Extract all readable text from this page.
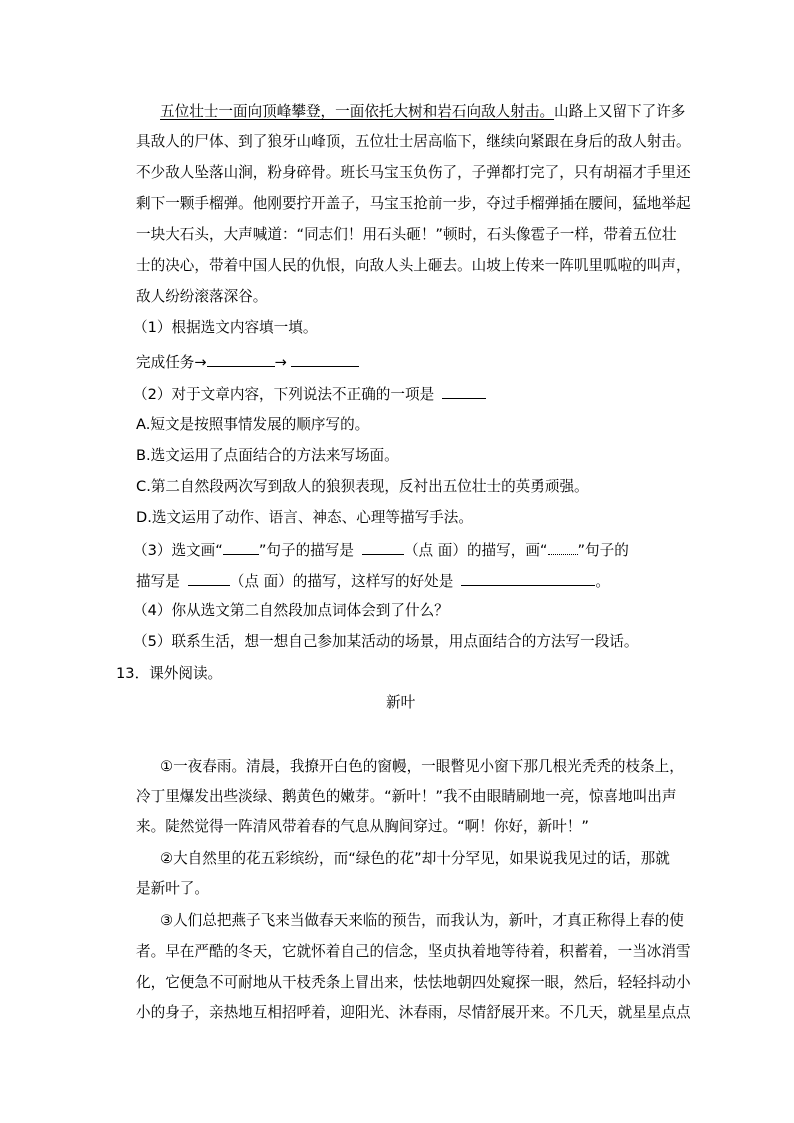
五位壮士一面向顶峰攀登，一面依托大树和岩石向敌人射击。山路上又留下了许多
具敌人的尸体、到了狼牙山峰顶，五位壮士居高临下，继续向紧跟在身后的敌人射击。
不少敌人坠落山涧，粉身碎骨。班长马宝玉负伤了，子弹都打完了，只有胡福才手里还
剩下一颗手榴弹。他刚要拧开盖子，马宝玉抢前一步，夺过手榴弹插在腰间，猛地举起
一块大石头，大声喊道：“同志们！用石头砸！”顿时，石头像雹子一样，带着五位壮
士的决心，带着中国人民的仇恨，向敌人头上砸去。山坡上传来一阵叽里呱啦的叫声，
敌人纷纷滚落深谷。
（1）根据选文内容填一填。
完成任务→	→
（2）对于文章内容，下列说法不正确的一项是
A.短文是按照事情发展的顺序写的。
B.选文运用了点面结合的方法来写场面。
C.第二自然段两次写到敌人的狼狈表现，反衬出五位壮士的英勇顽强。
D.选文运用了动作、语言、神态、心理等描写手法。
（3）选文画“ ”句子的描写是	（点 面）的描写，画“ ”句子的
描写是	（点 面）的描写，这样写的好处是	。
（4）你从选文第二自然段加点词体会到了什么？
（5）联系生活，想一想自己参加某活动的场景，用点面结合的方法写一段话。
13．课外阅读。
新叶
①一夜春雨。清晨，我撩开白色的窗幔，一眼瞥见小窗下那几根光秃秃的枝条上，
冷丁里爆发出些淡绿、鹅黄色的嫩芽。“新叶！”我不由眼睛刷地一亮，惊喜地叫出声
来。陡然觉得一阵清风带着春的气息从胸间穿过。“啊！你好，新叶！”
②大自然里的花五彩缤纷，而“绿色的花”却十分罕见，如果说我见过的话，那就
是新叶了。
③人们总把燕子飞来当做春天来临的预告，而我认为，新叶，才真正称得上春的使
者。早在严酷的冬天，它就怀着自己的信念，坚贞执着地等待着，积蓄着，一当冰消雪
化，它便急不可耐地从干枝秃条上冒出来，怯怯地朝四处窥探一眼，然后，轻轻抖动小
小的身子，亲热地互相招呼着，迎阳光、沐春雨，尽情舒展开来。不几天，就星星点点
